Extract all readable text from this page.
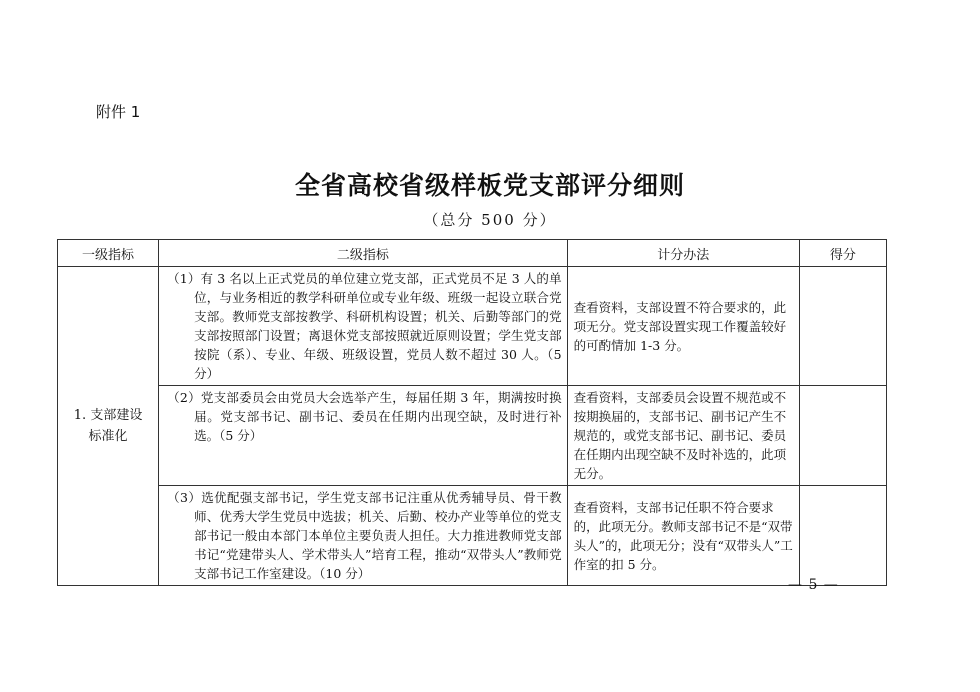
附件 1
全省高校省级样板党支部评分细则
（总分 500 分）
一级指标	二级指标	计分办法	得分
1. 支部建设标准化	（1）有 3 名以上正式党员的单位建立党支部，正式党员不足 3 人的单位，与业务相近的教学科研单位或专业年级、班级一起设立联合党支部。教师党支部按教学、科研机构设置；机关、后勤等部门的党支部按照部门设置；离退休党支部按照就近原则设置；学生党支部按院（系）、专业、年级、班级设置，党员人数不超过 30 人。（5 分）	查看资料，支部设置不符合要求的，此项无分。党支部设置实现工作覆盖较好的可酌情加 1-3 分。	

	（2）党支部委员会由党员大会选举产生，每届任期 3 年，期满按时换届。党支部书记、副书记、委员在任期内出现空缺，及时进行补选。（5 分）	查看资料，支部委员会设置不规范或不按期换届的，支部书记、副书记产生不规范的，或党支部书记、副书记、委员在任期内出现空缺不及时补选的，此项无分。	

	（3）选优配强支部书记，学生党支部书记注重从优秀辅导员、骨干教师、优秀大学生党员中选拔；机关、后勤、校办产业等单位的党支部书记一般由本部门本单位主要负责人担任。大力推进教师党支部书记“党建带头人、学术带头人”培育工程，推动“双带头人”教师党支部书记工作室建设。（10 分）	查看资料，支部书记任职不符合要求的，此项无分。教师支部书记不是“双带头人”的，此项无分；没有“双带头人”工作室的扣 5 分。	
— 5 —
